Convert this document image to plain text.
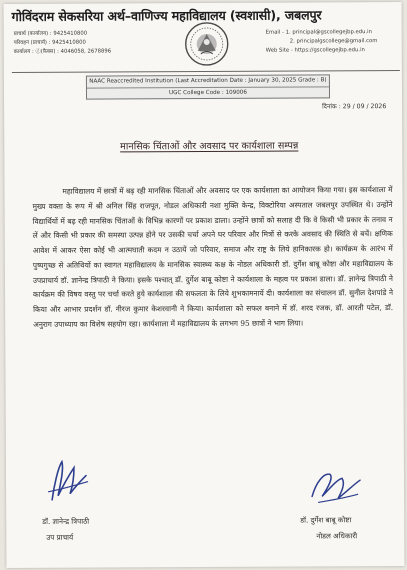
गोविंदराम सेकसरिया अर्थ–वाणिज्य महाविद्यालय (स्वशासी), जबलपुर
प्राचार्य (कार्यालय) : 9425410800
परिवहन (प्राचार्य) : 9425410800
कार्यालय : ⓕ(फ़ैक्स) : 4046058, 2678896
Email - 1. principal@gscollegejbp.edu.in
2. principalgscollege@gmail.com
Web Site - https://gscollegejbp.edu.in
NAAC Reaccredited Institution (Last Accreditation Date : January 30, 2025 Grade : B)
UGC College Code : 109006
दिनांक : 29 / 09 / 2026
मानसिक चिंताओं और अवसाद पर कार्यशाला सम्पन्न
महाविद्यालय में छात्रों में बढ़ रही मानसिक चिंताओं और अवसाद पर एक कार्यशाला का आयोजन किया गया। इस कार्यशाला में मुख्य वक्ता के रूप में श्री अनिल सिंह राजपूत, नोडल अधिकारी नशा मुक्ति केन्द्र, विक्टोरिया अस्पताल जबलपुर उपस्थित थे। उन्होंने विद्यार्थियों में बढ़ रही मानसिक चिंताओं के विभिन्न कारणों पर प्रकाश डाला। उन्होंने छात्रों को सलाह दी कि वे किसी भी प्रकार के तनाव न लें और किसी भी प्रकार की समस्या उत्पन्न होने पर उसकी चर्चा अपने घर परिवार और मित्रों से करके अवसाद की स्थिति से बचें। क्षणिक आवेश में आकर ऐसा कोई भी आत्मघाती कदम न उठायें जो परिवार, समाज और राष्ट्र के लिये हानिकारक हो। कार्यक्रम के आरंभ में पुष्पगुच्छ से अतिथियों का स्वागत महाविद्यालय के मानसिक स्वास्थ्य कक्ष के नोडल अधिकारी डॉ. दुर्गेश बाबू कोष्टा और महाविद्यालय के उपप्राचार्य डॉ. ज्ञानेन्द्र त्रिपाठी ने किया। इसके पश्चात् डॉ. दुर्गेश बाबू कोष्टा ने कार्यशाला के महत्व पर प्रकाश डाला। डॉ. ज्ञानेन्द्र त्रिपाठी ने कार्यक्रम की विषय वस्तु पर चर्चा करते हुये कार्यशाला की सफलता के लिये शुभकामनायें दी। कार्यशाला का संचालन डॉ. सुनील देशपांडे ने किया और आभार प्रदर्शन डॉ. नीरज कुमार केशरवानी ने किया। कार्यशाला को सफल बनाने में डॉ. शरद रजक, डॉ. आरती पटेल, डॉ. अनुराग उपाध्याय का विशेष सहयोग रहा। कार्यशाला में महाविद्यालय के लगभग 95 छात्रों ने भाग लिया।
डॉ. ज्ञानेन्द्र त्रिपाठी
उप प्राचार्य
डॉ. दुर्गेश बाबू कोष्टा
नोडल अधिकारी
